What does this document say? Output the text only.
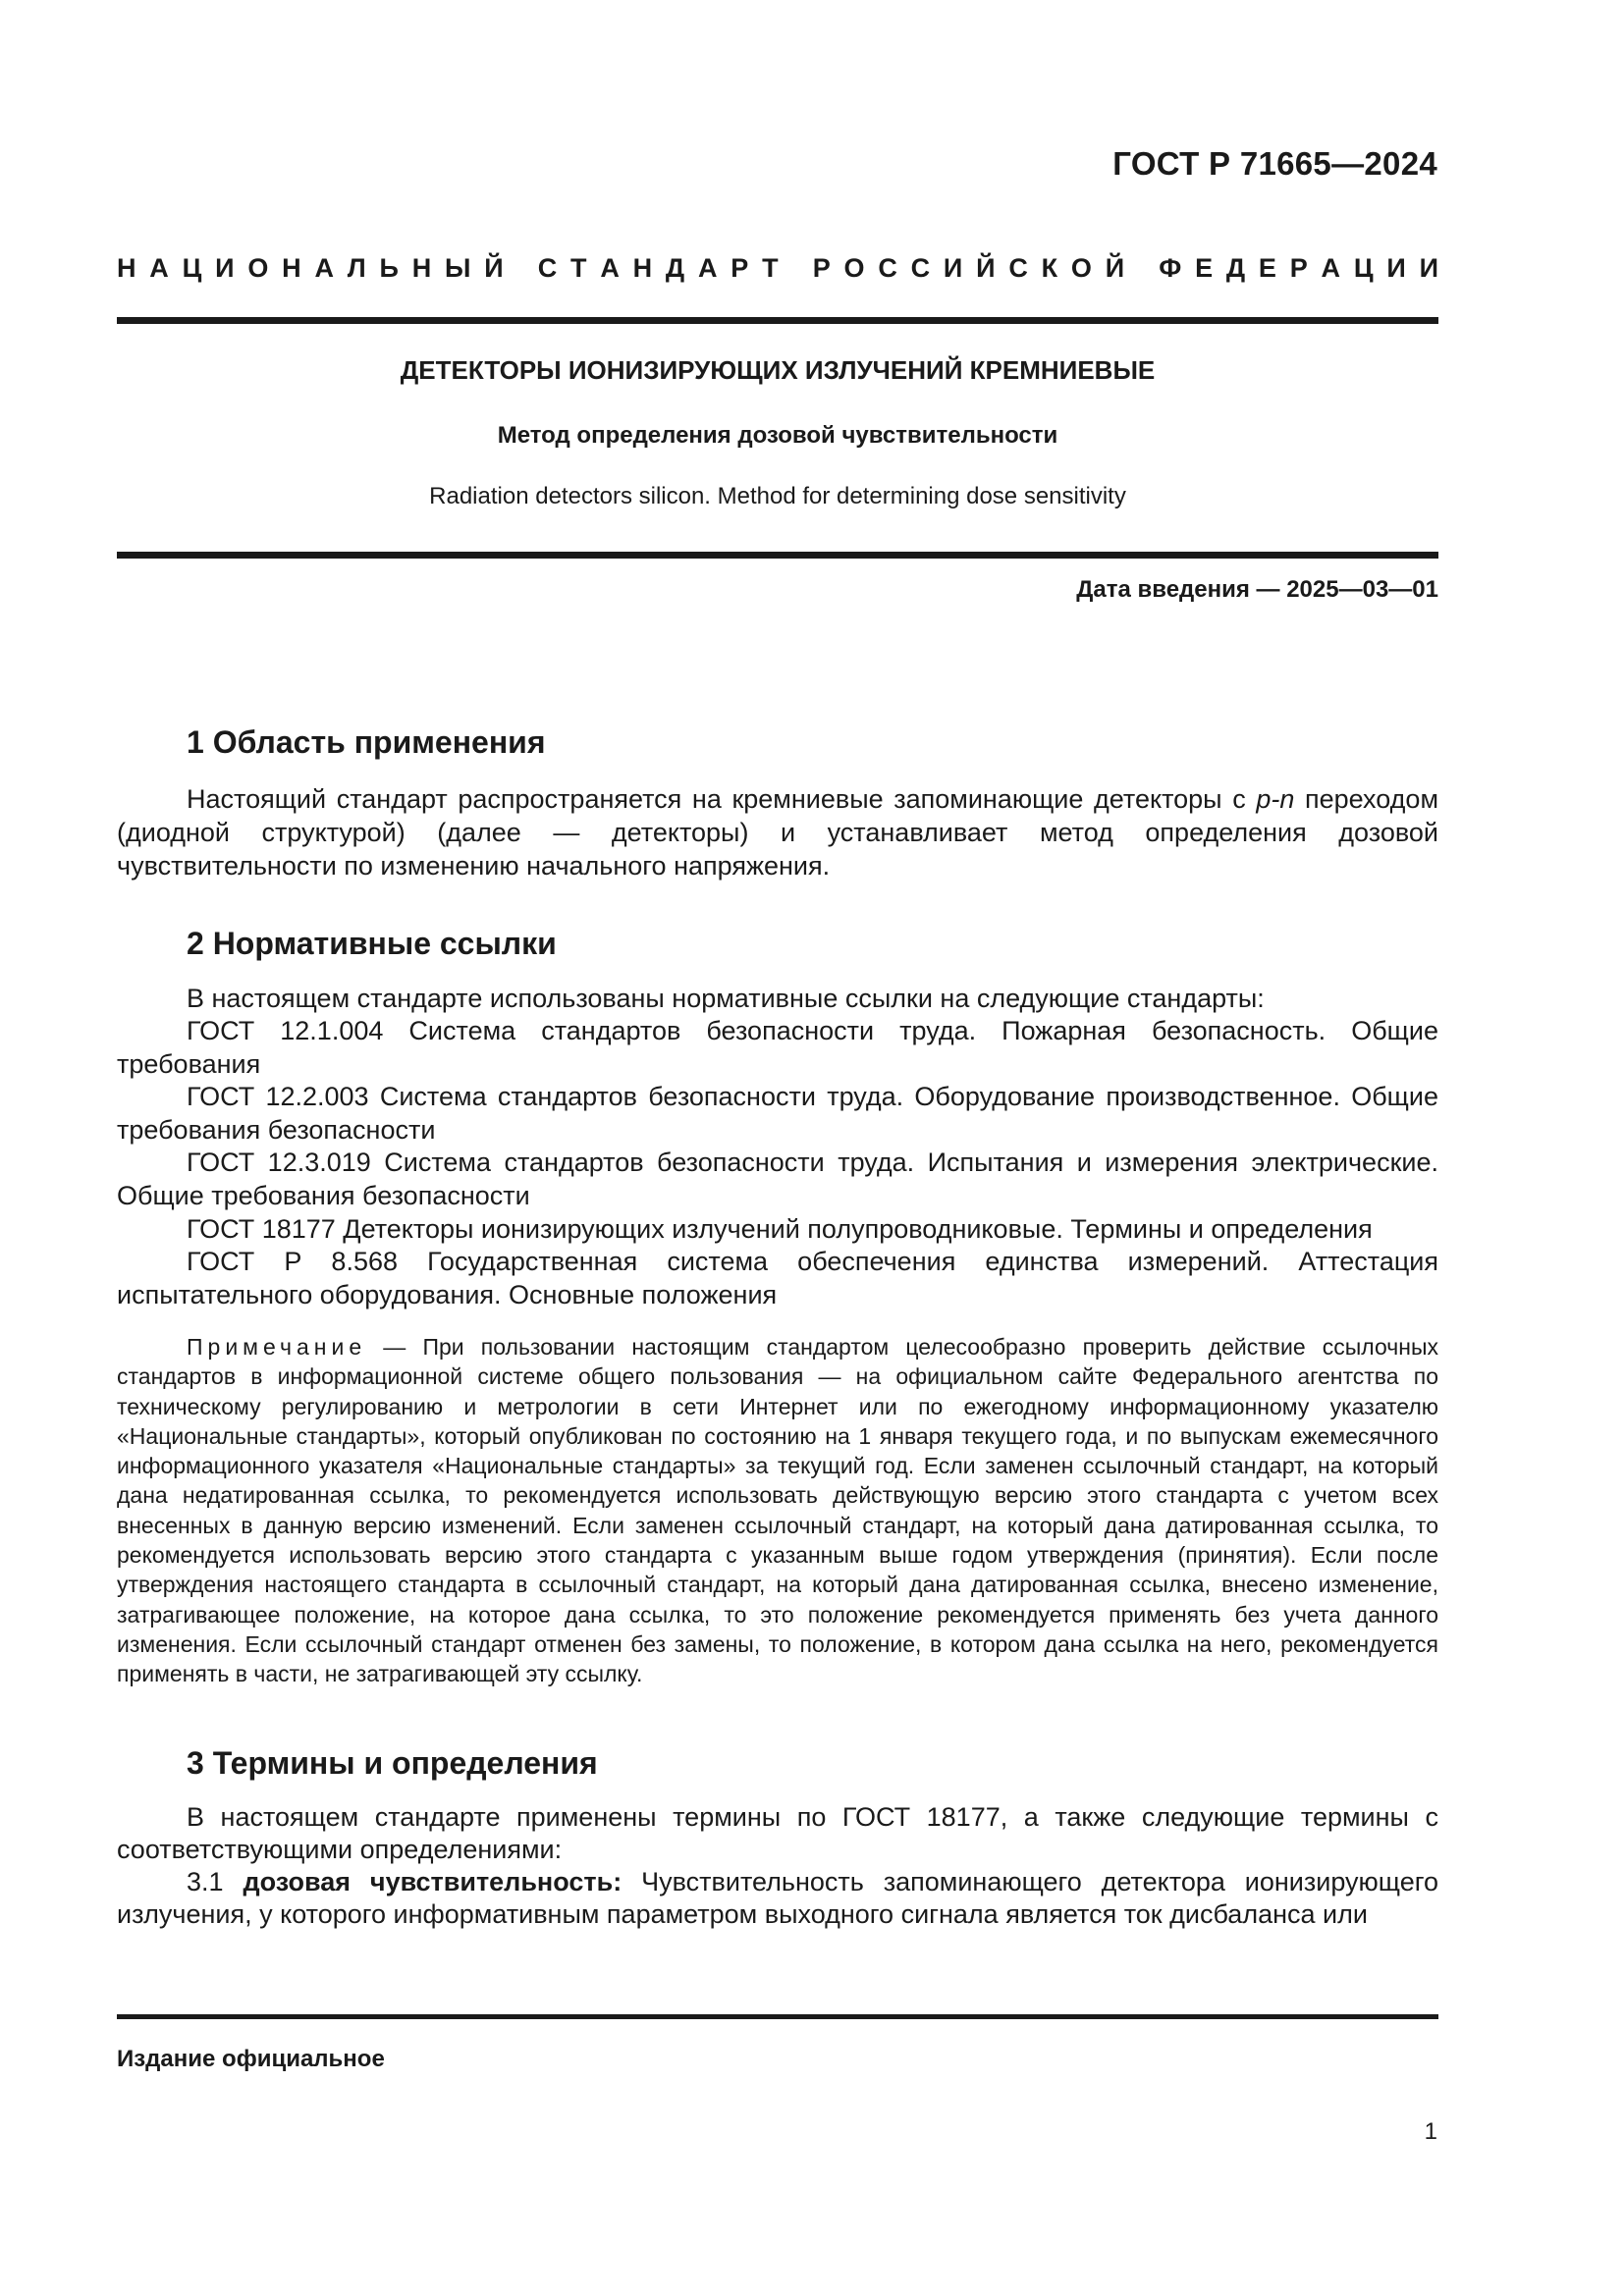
ГОСТ Р 71665—2024
Н А Ц И О Н А Л Ь Н Ы Й
С Т А Н Д А Р Т
Р О С С И Й С К О Й
Ф Е Д Е Р А Ц И И
ДЕТЕКТОРЫ ИОНИЗИРУЮЩИХ ИЗЛУЧЕНИЙ КРЕМНИЕВЫЕ
Метод определения дозовой чувствительности
Radiation detectors silicon. Method for determining dose sensitivity
Дата введения — 2025—03—01
1 Область применения

Настоящий стандарт распространяется на кремниевые запоминающие детекторы с p-n переходом (диодной структурой) (далее — детекторы) и устанавливает метод определения дозовой чувствительности по изменению начального напряжения.

2 Нормативные ссылки

В настоящем стандарте использованы нормативные ссылки на следующие стандарты:

ГОСТ 12.1.004 Система стандартов безопасности труда. Пожарная безопасность. Общие требования

ГОСТ 12.2.003 Система стандартов безопасности труда. Оборудование производственное. Общие требования безопасности

ГОСТ 12.3.019 Система стандартов безопасности труда. Испытания и измерения электрические. Общие требования безопасности

ГОСТ 18177 Детекторы ионизирующих излучений полупроводниковые. Термины и определения

ГОСТ Р 8.568 Государственная система обеспечения единства измерений. Аттестация испытательного оборудования. Основные положения

Примечание — При пользовании настоящим стандартом целесообразно проверить действие ссылочных стандартов в информационной системе общего пользования — на официальном сайте Федерального агентства по техническому регулированию и метрологии в сети Интернет или по ежегодному информационному указателю «Национальные стандарты», который опубликован по состоянию на 1 января текущего года, и по выпускам ежемесячного информационного указателя «Национальные стандарты» за текущий год. Если заменен ссылочный стандарт, на который дана недатированная ссылка, то рекомендуется использовать действующую версию этого стандарта с учетом всех внесенных в данную версию изменений. Если заменен ссылочный стандарт, на который дана датированная ссылка, то рекомендуется использовать версию этого стандарта с указанным выше годом утверждения (принятия). Если после утверждения настоящего стандарта в ссылочный стандарт, на который дана датированная ссылка, внесено изменение, затрагивающее положение, на которое дана ссылка, то это положение рекомендуется применять без учета данного изменения. Если ссылочный стандарт отменен без замены, то положение, в котором дана ссылка на него, рекомендуется применять в части, не затрагивающей эту ссылку.

3 Термины и определения

В настоящем стандарте применены термины по ГОСТ 18177, а также следующие термины с соответствующими определениями:

3.1 дозовая чувствительность: Чувствительность запоминающего детектора ионизирующего излучения, у которого информативным параметром выходного сигнала является ток дисбаланса или

Издание официальное
1
